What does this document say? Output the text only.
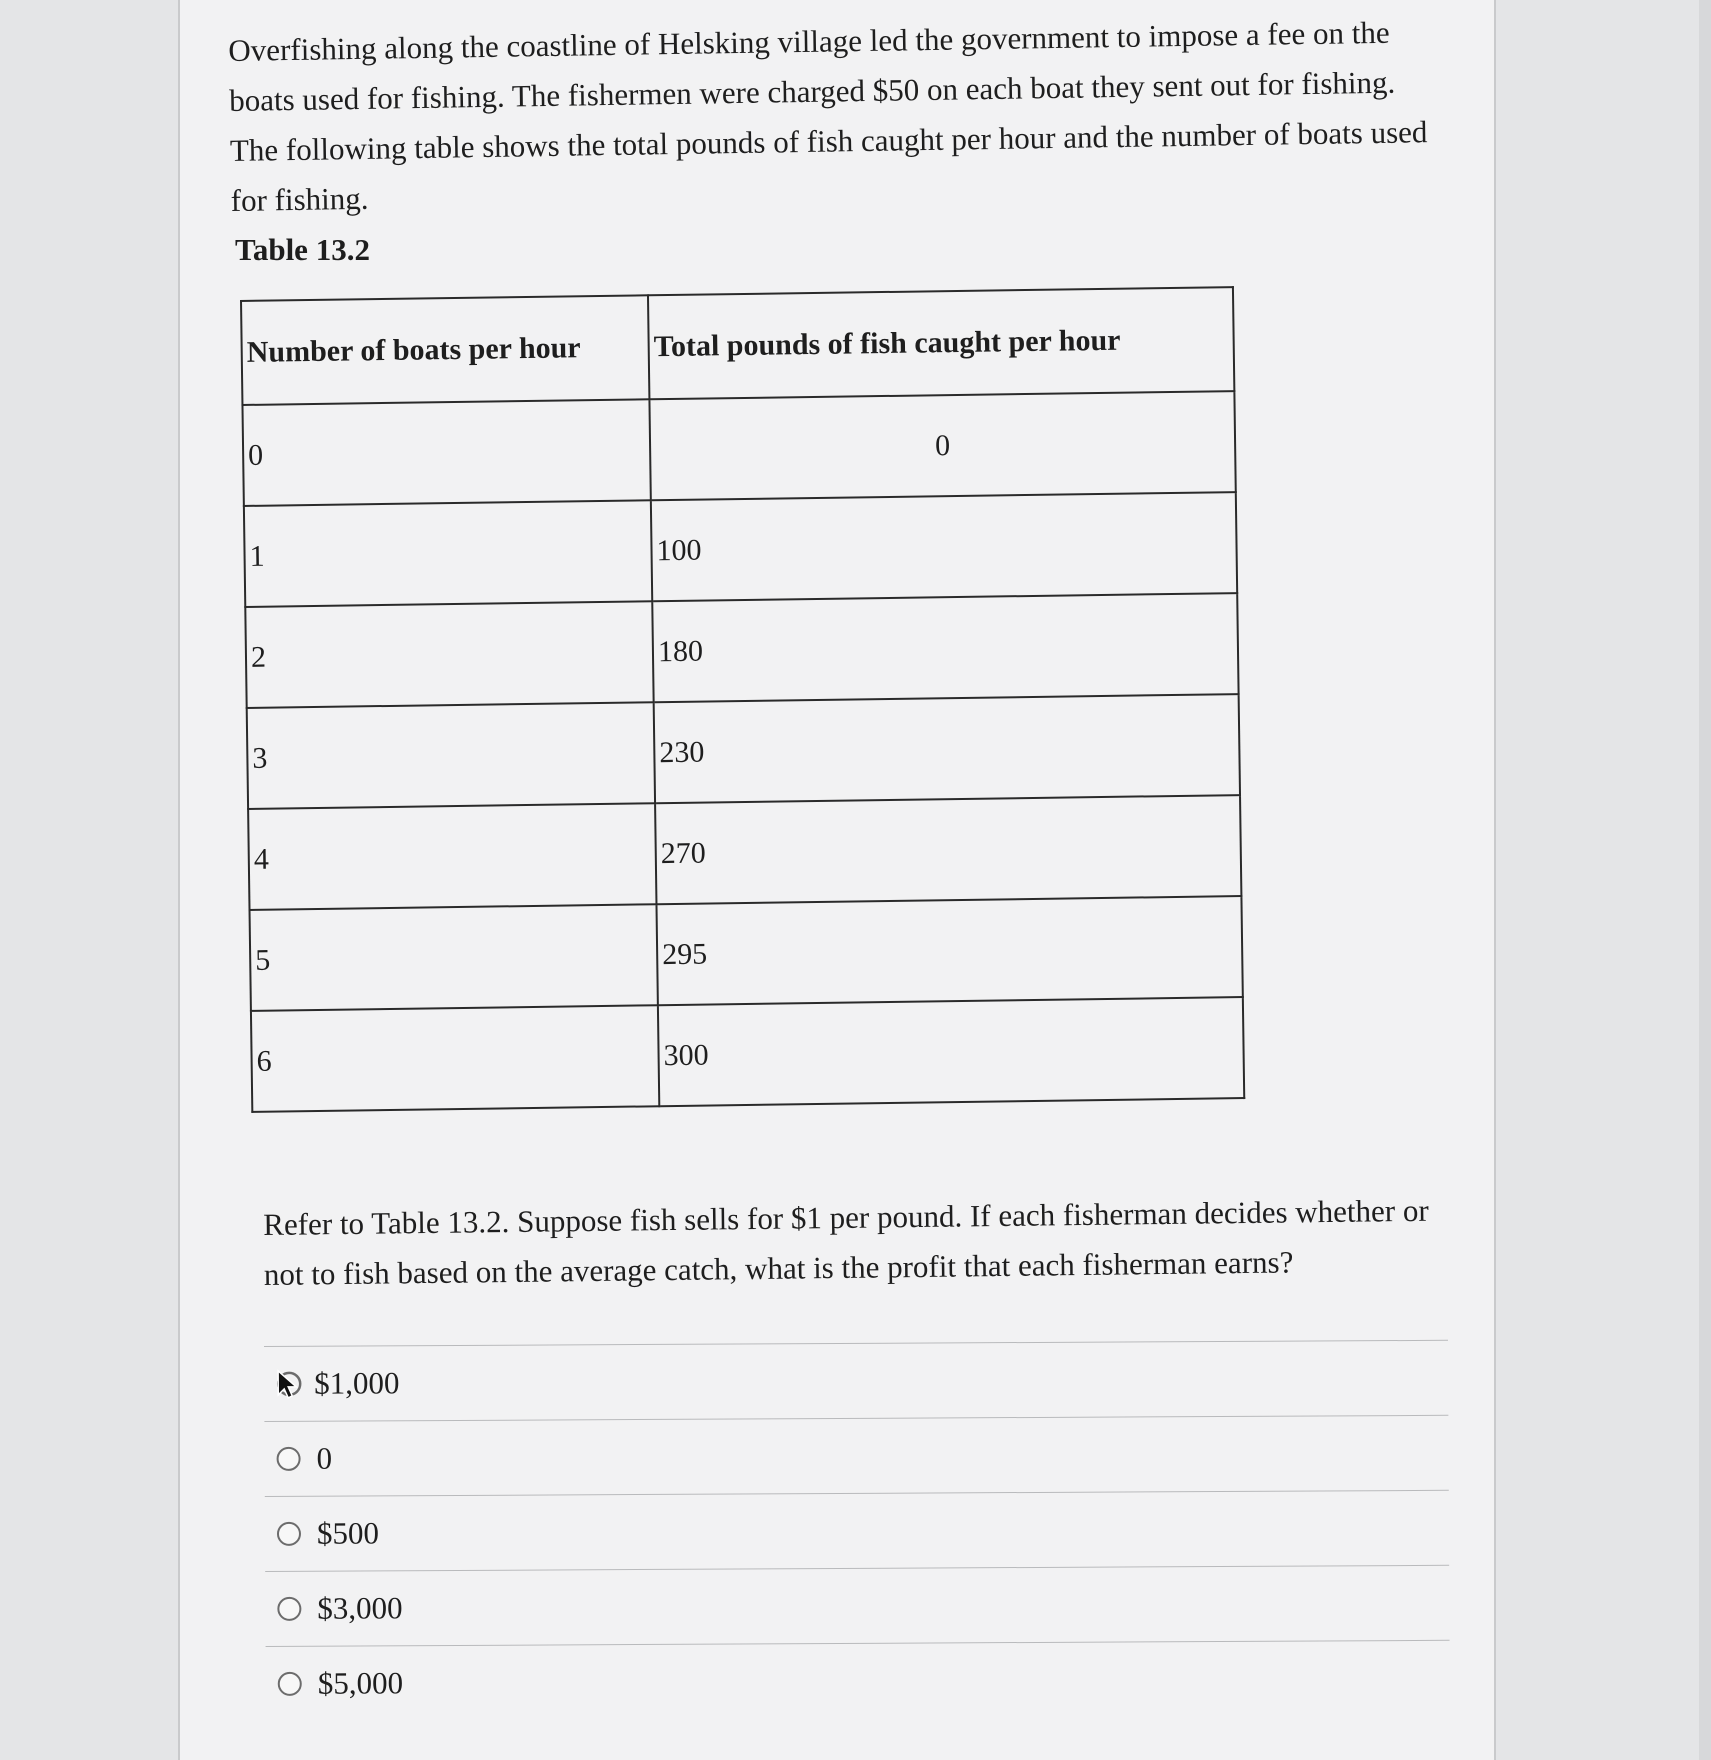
Overfishing along the coastline of Helsking village led the government to impose a fee on the boats used for fishing. The fishermen were charged $50 on each boat they sent out for fishing. The following table shows the total pounds of fish caught per hour and the number of boats used for fishing.

Table 13.2

Number of boats per hour	Total pounds of fish caught per hour
0	0
1	100
2	180
3	230
4	270
5	295
6	300

Refer to Table 13.2. Suppose fish sells for $1 per pound. If each fisherman decides whether or not to fish based on the average catch, what is the profit that each fisherman earns?

$1,000
0
$500
$3,000
$5,000
